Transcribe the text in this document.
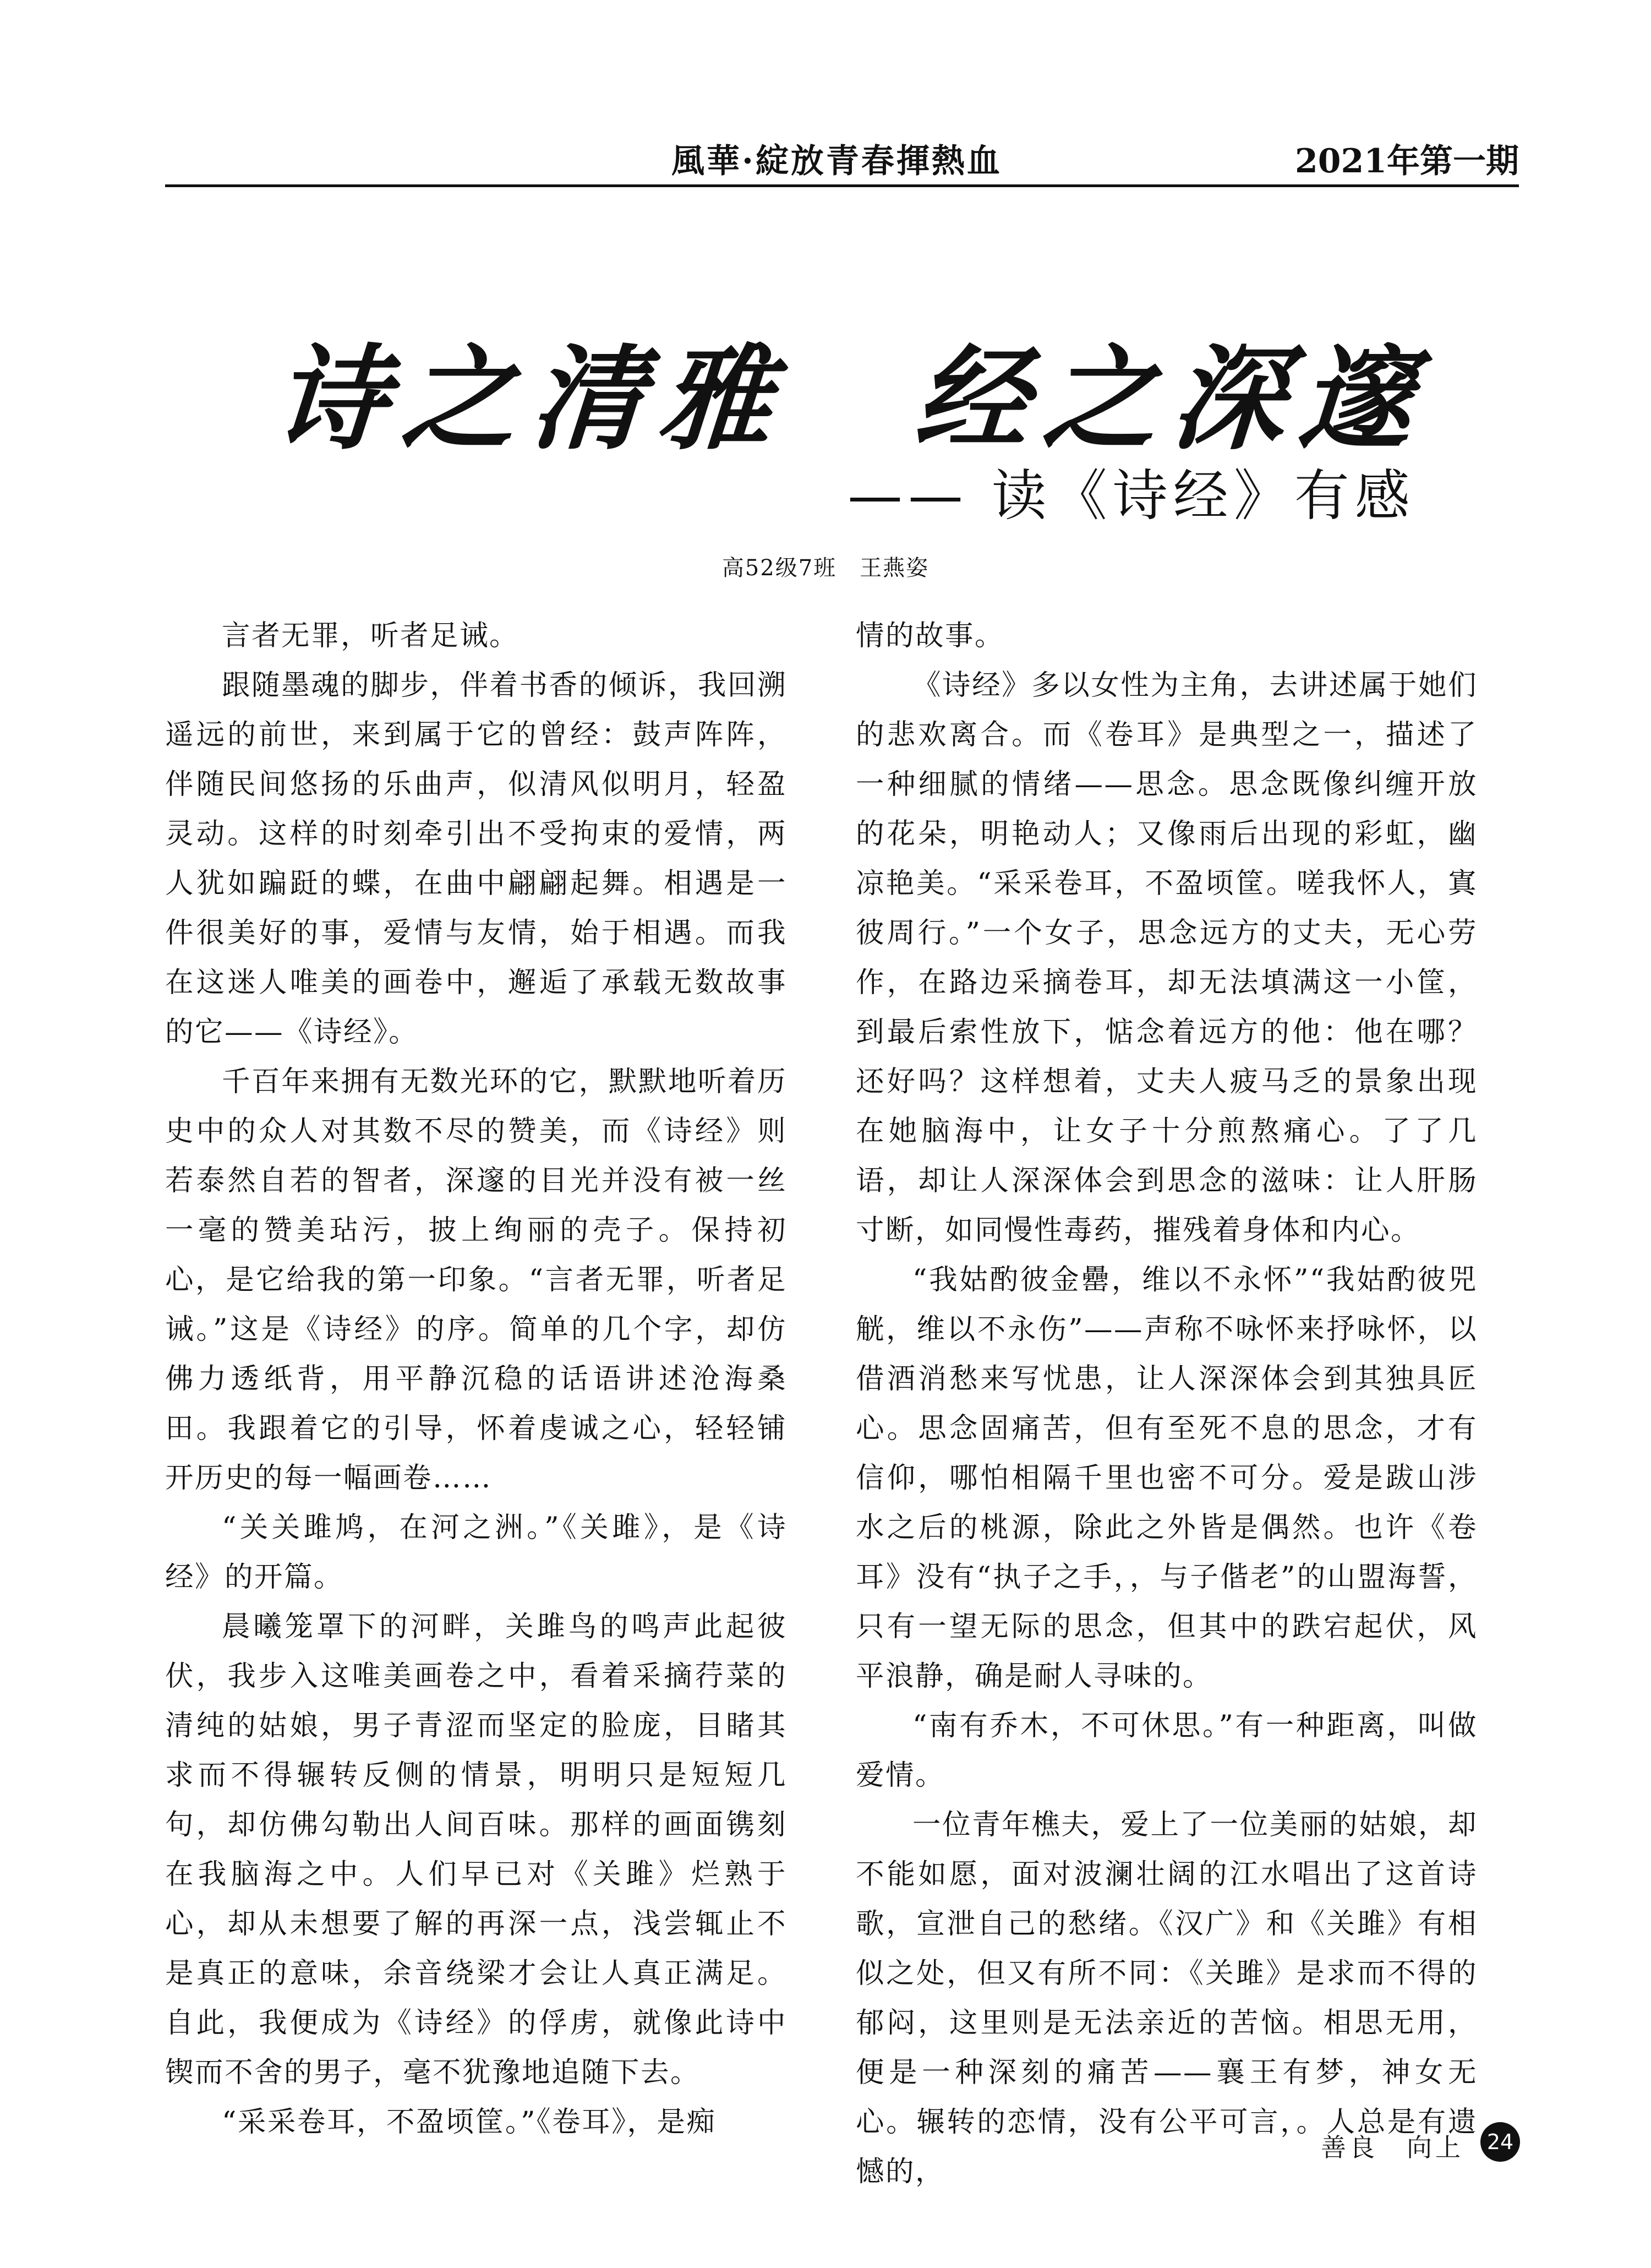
風華·綻放青春揮熱血	2021年第一期
诗之清雅　经之深邃
—— 读《诗经》有感
高52级7班　王燕姿

言者无罪，听者足诫。

跟随墨魂的脚步，伴着书香的倾诉，我回溯遥远的前世，来到属于它的曾经：鼓声阵阵，伴随民间悠扬的乐曲声，似清风似明月，轻盈灵动。这样的时刻牵引出不受拘束的爱情，两人犹如蹁跹的蝶，在曲中翩翩起舞。相遇是一件很美好的事，爱情与友情，始于相遇。而我在这迷人唯美的画卷中，邂逅了承载无数故事的它——《诗经》。

千百年来拥有无数光环的它，默默地听着历史中的众人对其数不尽的赞美，而《诗经》则若泰然自若的智者，深邃的目光并没有被一丝一毫的赞美玷污，披上绚丽的壳子。保持初心，是它给我的第一印象。“言者无罪，听者足诫。”这是《诗经》的序。简单的几个字，却仿佛力透纸背，用平静沉稳的话语讲述沧海桑田。我跟着它的引导，怀着虔诚之心，轻轻铺开历史的每一幅画卷……

“关关雎鸠，在河之洲。”《关雎》，是《诗经》的开篇。

晨曦笼罩下的河畔，关雎鸟的鸣声此起彼伏，我步入这唯美画卷之中，看着采摘荇菜的清纯的姑娘，男子青涩而坚定的脸庞，目睹其求而不得辗转反侧的情景，明明只是短短几句，却仿佛勾勒出人间百味。那样的画面镌刻在我脑海之中。人们早已对《关雎》烂熟于心，却从未想要了解的再深一点，浅尝辄止不是真正的意味，余音绕梁才会让人真正满足。自此，我便成为《诗经》的俘虏，就像此诗中锲而不舍的男子，毫不犹豫地追随下去。

“采采卷耳，不盈顷筐。”《卷耳》，是痴

情的故事。

《诗经》多以女性为主角，去讲述属于她们的悲欢离合。而《卷耳》是典型之一，描述了一种细腻的情绪——思念。思念既像纠缠开放的花朵，明艳动人；又像雨后出现的彩虹，幽凉艳美。“采采卷耳，不盈顷筐。嗟我怀人，寘彼周行。”一个女子，思念远方的丈夫，无心劳作，在路边采摘卷耳，却无法填满这一小筐，到最后索性放下，惦念着远方的他：他在哪？还好吗？这样想着，丈夫人疲马乏的景象出现在她脑海中，让女子十分煎熬痛心。了了几语，却让人深深体会到思念的滋味：让人肝肠寸断，如同慢性毒药，摧残着身体和内心。

“我姑酌彼金罍，维以不永怀”“我姑酌彼兕觥，维以不永伤”——声称不咏怀来抒咏怀，以借酒消愁来写忧患，让人深深体会到其独具匠心。思念固痛苦，但有至死不息的思念，才有信仰，哪怕相隔千里也密不可分。爱是跋山涉水之后的桃源，除此之外皆是偶然。也许《卷耳》没有“执子之手，，与子偕老”的山盟海誓，只有一望无际的思念，但其中的跌宕起伏，风平浪静，确是耐人寻味的。

“南有乔木，不可休思。”有一种距离，叫做爱情。

一位青年樵夫，爱上了一位美丽的姑娘，却不能如愿，面对波澜壮阔的江水唱出了这首诗歌，宣泄自己的愁绪。《汉广》和《关雎》有相似之处，但又有所不同：《关雎》是求而不得的郁闷，这里则是无法亲近的苦恼。相思无用，便是一种深刻的痛苦——襄王有梦，神女无心。辗转的恋情，没有公平可言，。人总是有遗憾的，

善良　向上	24
